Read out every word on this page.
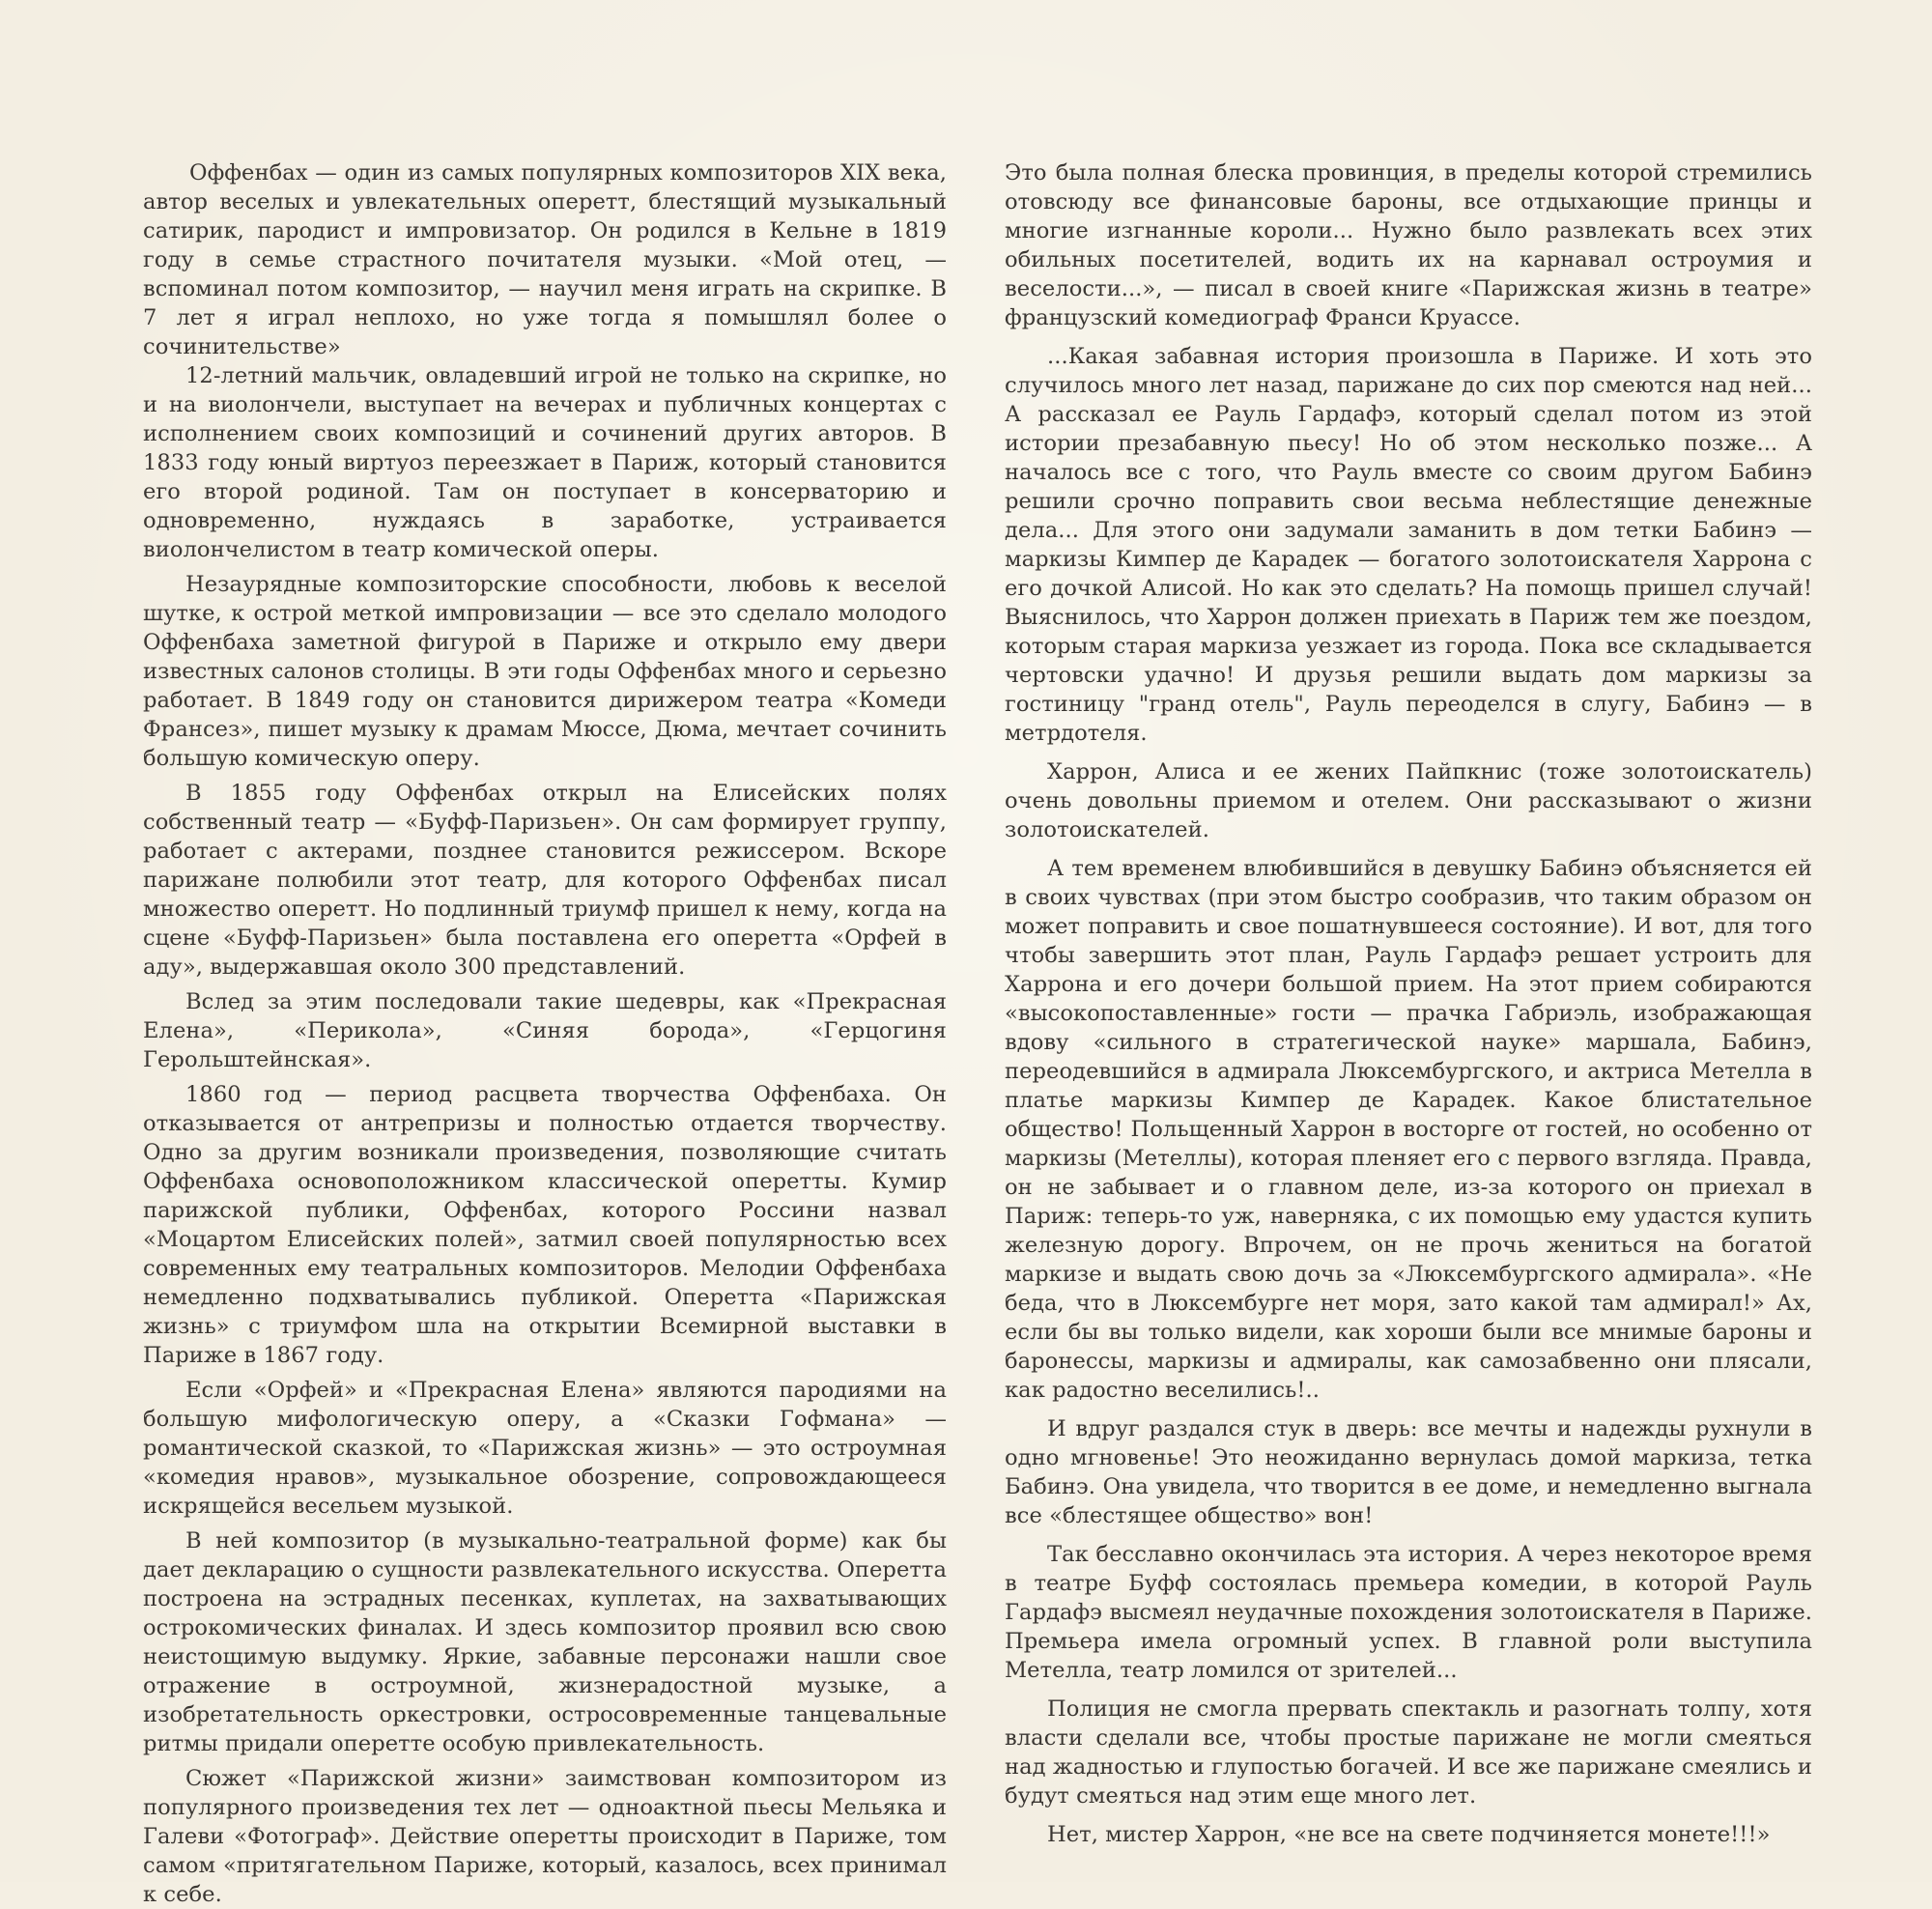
Оффенбах — один из самых популярных композиторов XIX века, автор веселых и увлекательных оперетт, блестящий музыкальный сатирик, пародист и импровизатор. Он родился в Кельне в 1819 году в семье страстного почитателя музыки. «Мой отец, — вспоминал потом композитор, — научил меня играть на скрипке. В 7 лет я играл неплохо, но уже тогда я помышлял более о сочинительстве»

12-летний мальчик, овладевший игрой не только на скрипке, но и на виолончели, выступает на вечерах и публичных концертах с исполнением своих композиций и сочинений других авторов. В 1833 году юный виртуоз переезжает в Париж, который становится его второй родиной. Там он поступает в консерваторию и одновременно, нуждаясь в заработке, устраивается виолончелистом в театр комической оперы.

Незаурядные композиторские способности, любовь к веселой шутке, к острой меткой импровизации — все это сделало молодого Оффенбаха заметной фигурой в Париже и открыло ему двери известных салонов столицы. В эти годы Оффенбах много и серьезно работает. В 1849 году он становится дирижером театра «Комеди Франсез», пишет музыку к драмам Мюссе, Дюма, мечтает сочинить большую комическую оперу.

В 1855 году Оффенбах открыл на Елисейских полях собственный театр — «Буфф-Паризьен». Он сам формирует группу, работает с актерами, позднее становится режиссером. Вскоре парижане полюбили этот театр, для которого Оффенбах писал множество оперетт. Но подлинный триумф пришел к нему, когда на сцене «Буфф-Паризьен» была поставлена его оперетта «Орфей в аду», выдержавшая около 300 представлений.

Вслед за этим последовали такие шедевры, как «Прекрасная Елена», «Перикола», «Синяя борода», «Герцогиня Герольштейнская».

1860 год — период расцвета творчества Оффенбаха. Он отказывается от антрепризы и полностью отдается творчеству. Одно за другим возникали произведения, позволяющие считать Оффенбаха основоположником классической оперетты. Кумир парижской публики, Оффенбах, которого Россини назвал «Моцартом Елисейских полей», затмил своей популярностью всех современных ему театральных композиторов. Мелодии Оффенбаха немедленно подхватывались публикой. Оперетта «Парижская жизнь» с триумфом шла на открытии Всемирной выставки в Париже в 1867 году.

Если «Орфей» и «Прекрасная Елена» являются пародиями на большую мифологическую оперу, а «Сказки Гофмана» — романтической сказкой, то «Парижская жизнь» — это остроумная «комедия нравов», музыкальное обозрение, сопровождающееся искрящейся весельем музыкой.

В ней композитор (в музыкально-театральной форме) как бы дает декларацию о сущности развлекательного искусства. Оперетта построена на эстрадных песенках, куплетах, на захватывающих острокомических финалах. И здесь композитор проявил всю свою неистощимую выдумку. Яркие, забавные персонажи нашли свое отражение в остроумной, жизнерадостной музыке, а изобретательность оркестровки, остросовременные танцевальные ритмы придали оперетте особую привлекательность.

Сюжет «Парижской жизни» заимствован композитором из популярного произведения тех лет — одноактной пьесы Мельяка и Галеви «Фотограф». Действие оперетты происходит в Париже, том самом «притягательном Париже, который, казалось, всех принимал к себе.

Это была полная блеска провинция, в пределы которой стремились отовсюду все финансовые бароны, все отдыхающие принцы и многие изгнанные короли... Нужно было развлекать всех этих обильных посетителей, водить их на карнавал остроумия и веселости...», — писал в своей книге «Парижская жизнь в театре» французский комедиограф Франси Круассе.

...Какая забавная история произошла в Париже. И хоть это случилось много лет назад, парижане до сих пор смеются над ней... А рассказал ее Рауль Гардафэ, который сделал потом из этой истории презабавную пьесу! Но об этом несколько позже... А началось все с того, что Рауль вместе со своим другом Бабинэ решили срочно поправить свои весьма неблестящие денежные дела... Для этого они задумали заманить в дом тетки Бабинэ — маркизы Кимпер де Карадек — богатого золотоискателя Харрона с его дочкой Алисой. Но как это сделать? На помощь пришел случай! Выяснилось, что Харрон должен приехать в Париж тем же поездом, которым старая маркиза уезжает из города. Пока все складывается чертовски удачно! И друзья решили выдать дом маркизы за гостиницу "гранд отель", Рауль переоделся в слугу, Бабинэ — в метрдотеля.

Харрон, Алиса и ее жених Пайпкнис (тоже золотоискатель) очень довольны приемом и отелем. Они рассказывают о жизни золотоискателей.

А тем временем влюбившийся в девушку Бабинэ объясняется ей в своих чувствах (при этом быстро сообразив, что таким образом он может поправить и свое пошатнувшееся состояние). И вот, для того чтобы завершить этот план, Рауль Гардафэ решает устроить для Харрона и его дочери большой прием. На этот прием собираются «высокопоставленные» гости — прачка Габриэль, изображающая вдову «сильного в стратегической науке» маршала, Бабинэ, переодевшийся в адмирала Люксембургского, и актриса Метелла в платье маркизы Кимпер де Карадек. Какое блистательное общество! Польщенный Харрон в восторге от гостей, но особенно от маркизы (Метеллы), которая пленяет его с первого взгляда. Правда, он не забывает и о главном деле, из-за которого он приехал в Париж: теперь-то уж, наверняка, с их помощью ему удастся купить железную дорогу. Впрочем, он не прочь жениться на богатой маркизе и выдать свою дочь за «Люксембургского адмирала». «Не беда, что в Люксембурге нет моря, зато какой там адмирал!» Ах, если бы вы только видели, как хороши были все мнимые бароны и баронессы, маркизы и адмиралы, как самозабвенно они плясали, как радостно веселились!..

И вдруг раздался стук в дверь: все мечты и надежды рухнули в одно мгновенье! Это неожиданно вернулась домой маркиза, тетка Бабинэ. Она увидела, что творится в ее доме, и немедленно выгнала все «блестящее общество» вон!

Так бесславно окончилась эта история. А через некоторое время в театре Буфф состоялась премьера комедии, в которой Рауль Гардафэ высмеял неудачные похождения золотоискателя в Париже. Премьера имела огромный успех. В главной роли выступила Метелла, театр ломился от зрителей...

Полиция не смогла прервать спектакль и разогнать толпу, хотя власти сделали все, чтобы простые парижане не могли смеяться над жадностью и глупостью богачей. И все же парижане смеялись и будут смеяться над этим еще много лет.

Нет, мистер Харрон, «не все на свете подчиняется монете!!!»
